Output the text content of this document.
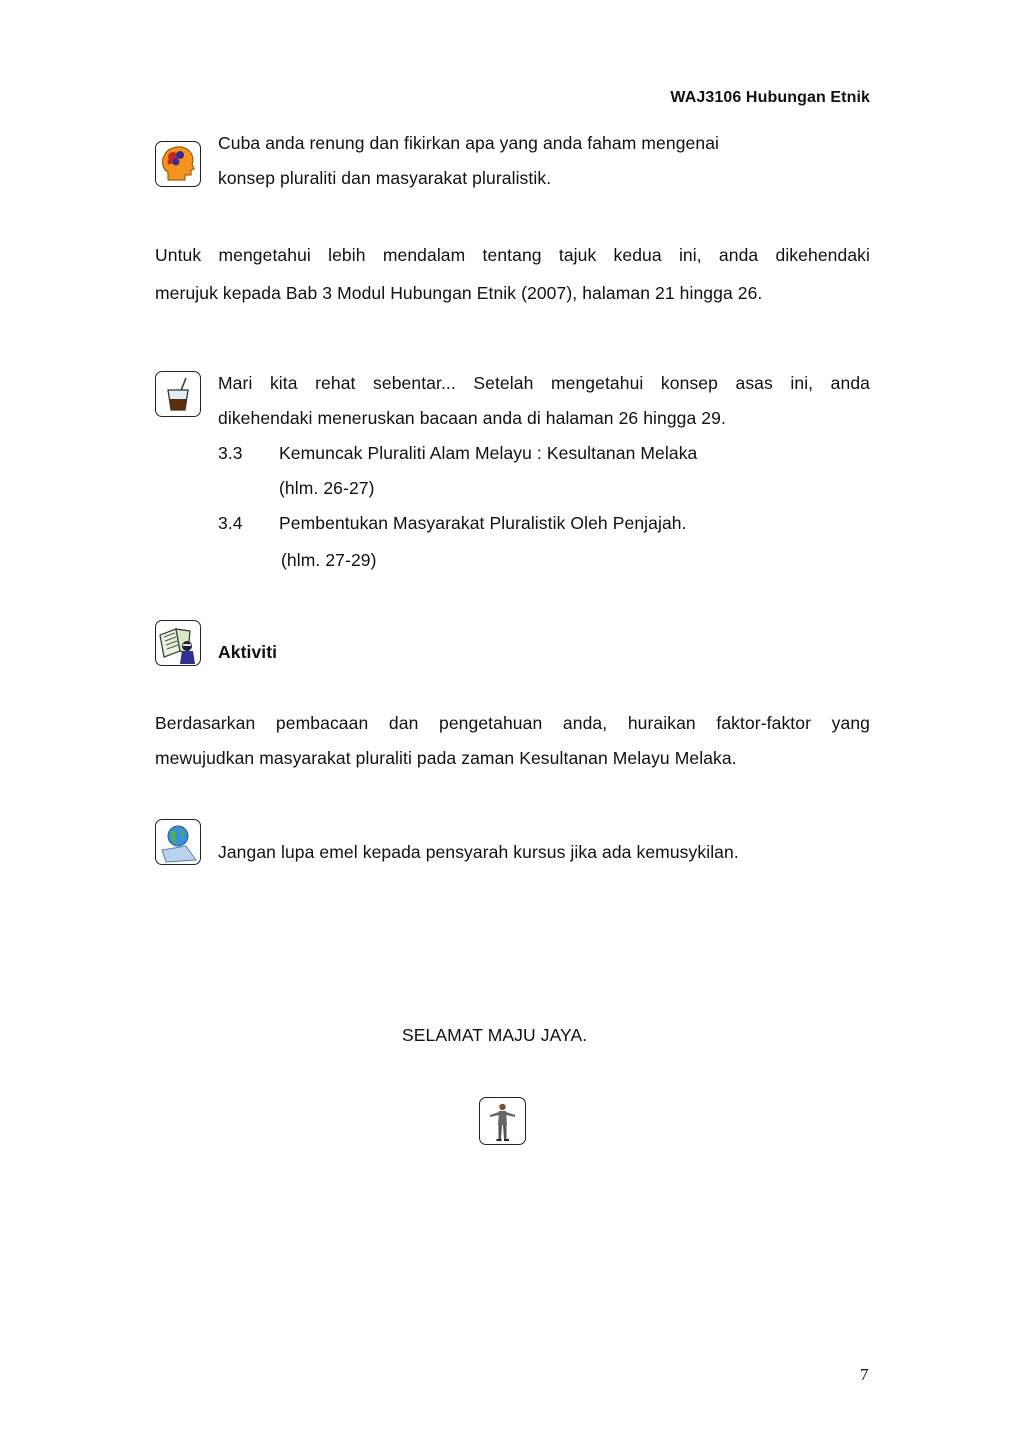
WAJ3106 Hubungan Etnik
Cuba anda renung dan fikirkan apa yang anda faham mengenai
konsep pluraliti dan masyarakat pluralistik.
Untuk mengetahui lebih mendalam tentang tajuk kedua ini, anda dikehendaki
merujuk kepada Bab 3 Modul Hubungan Etnik (2007), halaman 21 hingga 26.
Mari kita rehat sebentar... Setelah mengetahui konsep asas ini, anda
dikehendaki meneruskan bacaan anda di halaman 26 hingga 29.
3.3 Kemuncak Pluraliti Alam Melayu : Kesultanan Melaka
(hlm. 26-27)
3.4 Pembentukan Masyarakat Pluralistik Oleh Penjajah.
(hlm. 27-29)
Aktiviti
Berdasarkan pembacaan dan pengetahuan anda, huraikan faktor-faktor yang
mewujudkan masyarakat pluraliti pada zaman Kesultanan Melayu Melaka.
Jangan lupa emel kepada pensyarah kursus jika ada kemusykilan.
SELAMAT MAJU JAYA.
7
